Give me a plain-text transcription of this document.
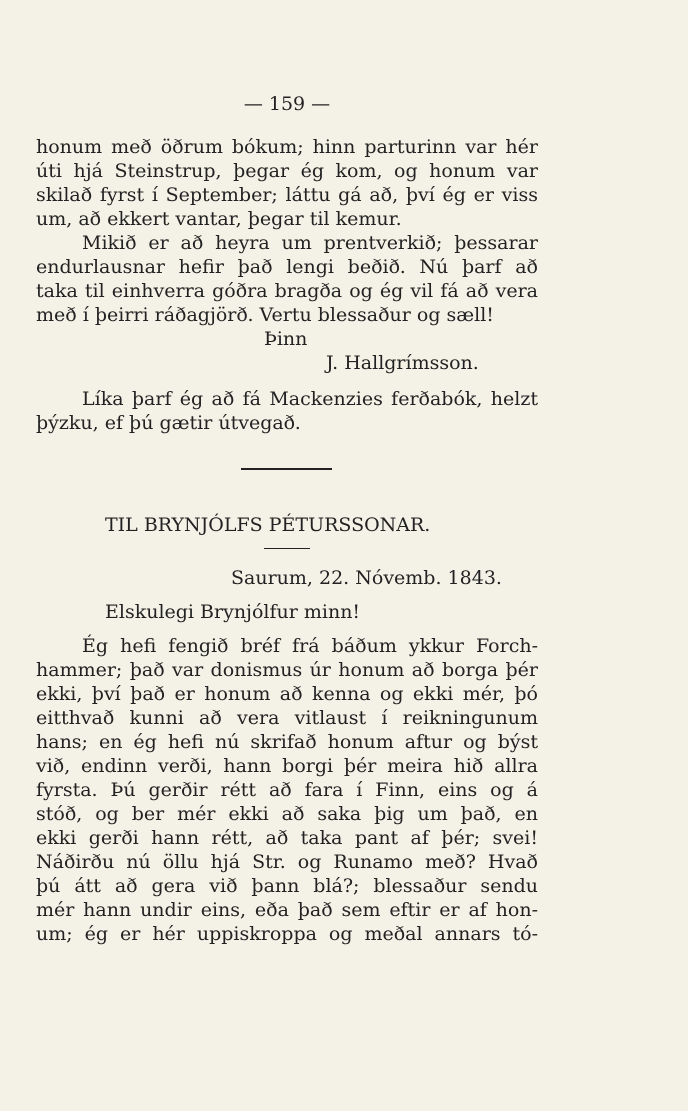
— 159 —
honum með öðrum bókum; hinn parturinn var hér
úti hjá Steinstrup, þegar ég kom, og honum var
skilað fyrst í September; láttu gá að, því ég er viss
um, að ekkert vantar, þegar til kemur.
Mikið er að heyra um prentverkið; þessarar
endurlausnar hefir það lengi beðið. Nú þarf að
taka til einhverra góðra bragða og ég vil fá að vera
með í þeirri ráðagjörð. Vertu blessaður og sæll!
Þinn
J. Hallgrímsson.
Líka þarf ég að fá Mackenzies ferðabók, helzt
þýzku, ef þú gætir útvegað.
TIL BRYNJÓLFS PÉTURSSONAR.
Saurum, 22. Nóvemb. 1843.
Elskulegi Brynjólfur minn!
Ég hefi fengið bréf frá báðum ykkur Forch-
hammer; það var donismus úr honum að borga þér
ekki, því það er honum að kenna og ekki mér, þó
eitthvað kunni að vera vitlaust í reikningunum
hans; en ég hefi nú skrifað honum aftur og býst
við, endinn verði, hann borgi þér meira hið allra
fyrsta. Þú gerðir rétt að fara í Finn, eins og á
stóð, og ber mér ekki að saka þig um það, en
ekki gerði hann rétt, að taka pant af þér; svei!
Náðirðu nú öllu hjá Str. og Runamo með? Hvað
þú átt að gera við þann blá?; blessaður sendu
mér hann undir eins, eða það sem eftir er af hon-
um; ég er hér uppiskroppa og meðal annars tó-
